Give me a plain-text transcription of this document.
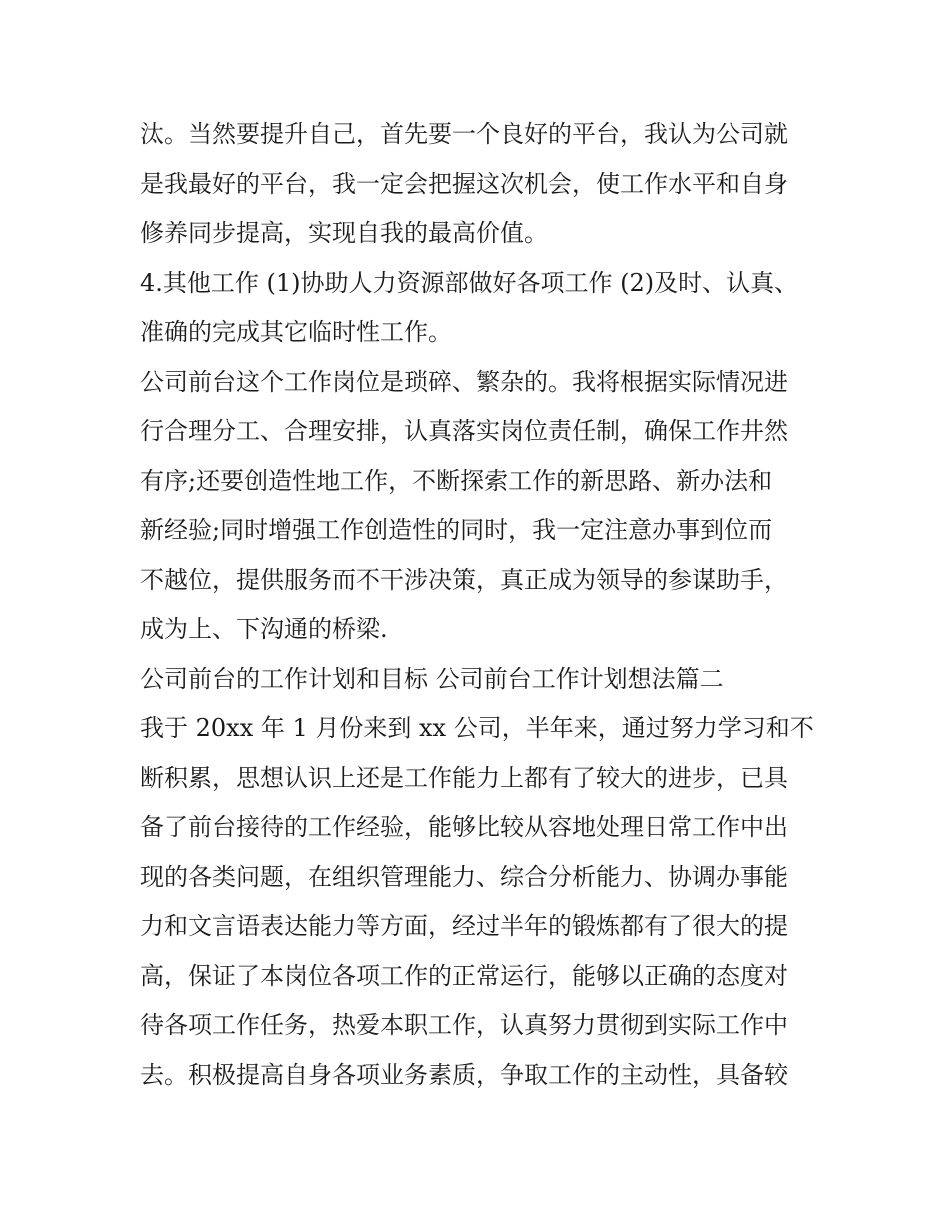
汰。当然要提升自己，首先要一个良好的平台，我认为公司就
是我最好的平台，我一定会把握这次机会，使工作水平和自身
修养同步提高，实现自我的最高价值。
4.其他工作 (1)协助人力资源部做好各项工作 (2)及时、认真、
准确的完成其它临时性工作。
公司前台这个工作岗位是琐碎、繁杂的。我将根据实际情况进
行合理分工、合理安排，认真落实岗位责任制，确保工作井然
有序;还要创造性地工作，不断探索工作的新思路、新办法和
新经验;同时增强工作创造性的同时，我一定注意办事到位而
不越位，提供服务而不干涉决策，真正成为领导的参谋助手，
成为上、下沟通的桥梁.
公司前台的工作计划和目标 公司前台工作计划想法篇二
我于 20xx 年 1 月份来到 xx 公司，半年来，通过努力学习和不
断积累，思想认识上还是工作能力上都有了较大的进步，已具
备了前台接待的工作经验，能够比较从容地处理日常工作中出
现的各类问题，在组织管理能力、综合分析能力、协调办事能
力和文言语表达能力等方面，经过半年的锻炼都有了很大的提
高，保证了本岗位各项工作的正常运行，能够以正确的态度对
待各项工作任务，热爱本职工作，认真努力贯彻到实际工作中
去。积极提高自身各项业务素质，争取工作的主动性，具备较
